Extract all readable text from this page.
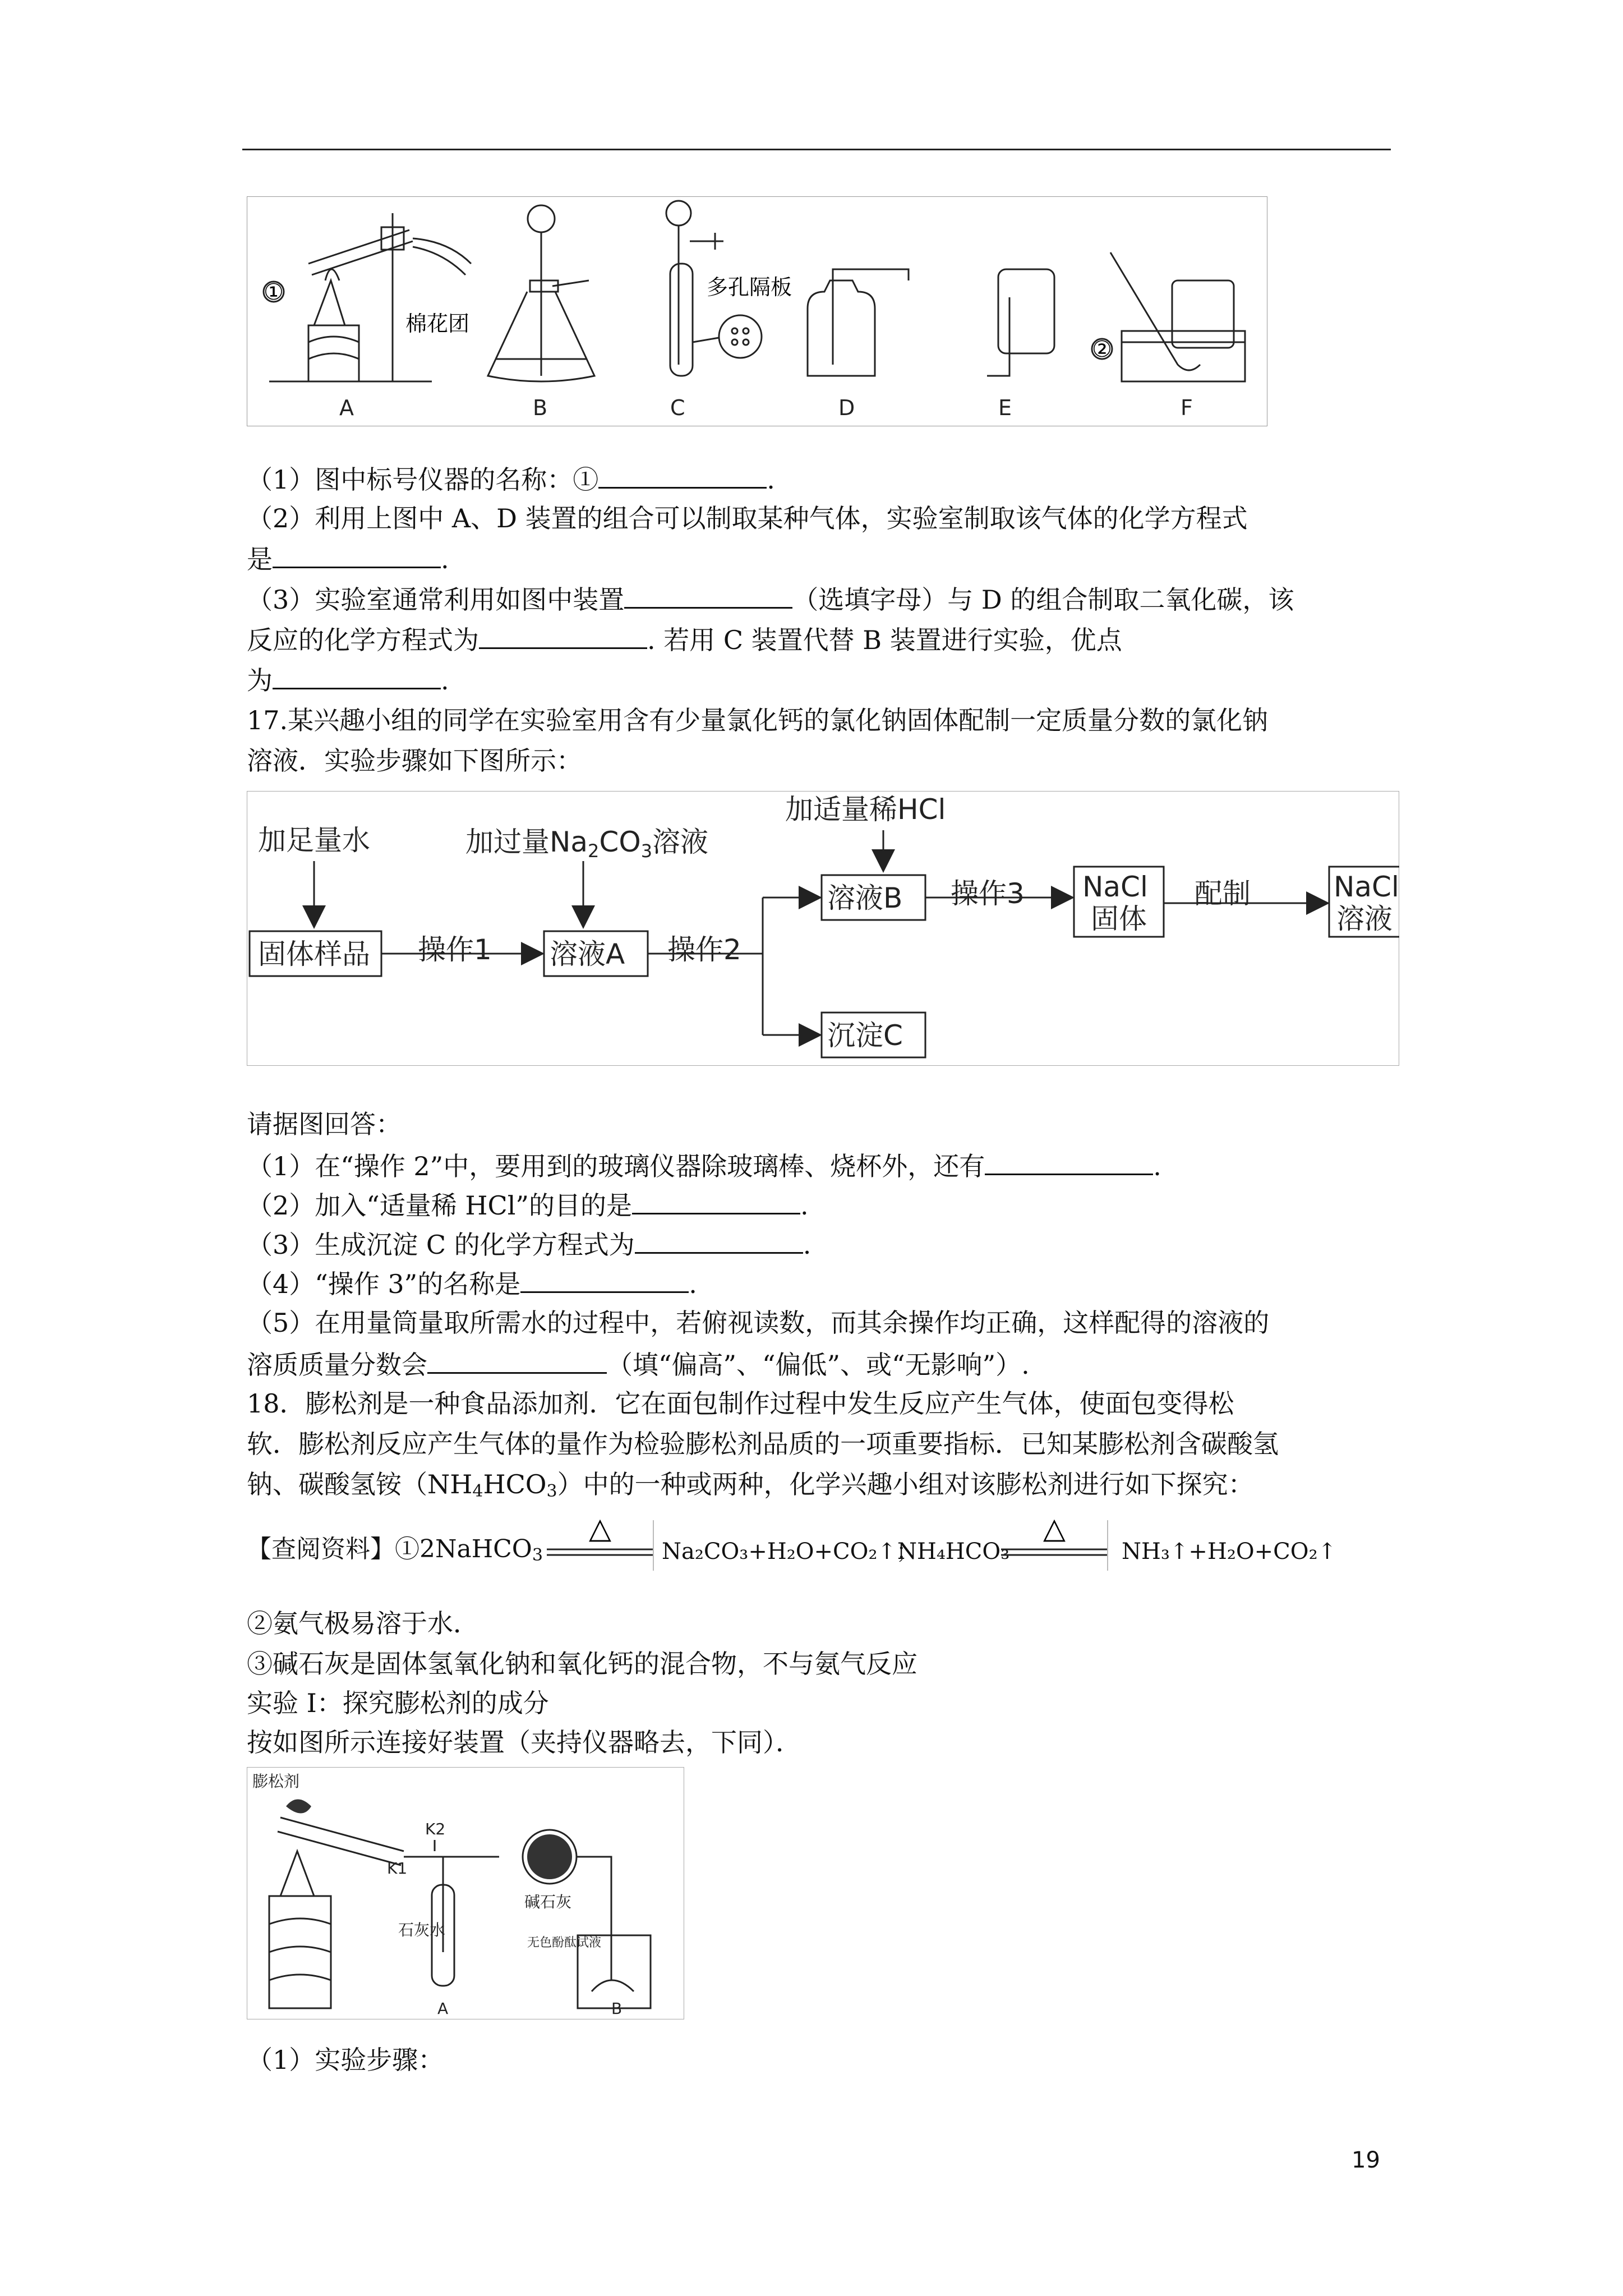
①
棉花团
多孔隔板
②
A	B	C	D	E	F
（1）图中标号仪器的名称：①	.
（2）利用上图中 A、D 装置的组合可以制取某种气体，实验室制取该气体的化学方程式
是	.
（3）实验室通常利用如图中装置	（选填字母）与 D 的组合制取二氧化碳，该
反应的化学方程式为	. 若用 C 装置代替 B 装置进行实验，优点
为	.
17.某兴趣小组的同学在实验室用含有少量氯化钙的氯化钠固体配制一定质量分数的氯化钠
溶液．实验步骤如下图所示：
加足量水	加过量$Na_2CO_3$溶液
加适量稀HCl
操作1	操作2
操作3	配制
固体样品	溶液A
溶液B	NaCl
固体
NaCl
溶液
沉淀C
请据图回答：
（1）在“操作 2”中，要用到的玻璃仪器除玻璃棒、烧杯外，还有	.
（2）加入“适量稀 HCl”的目的是	.
（3）生成沉淀 C 的化学方程式为	.
（4）“操作 3”的名称是	.
（5）在用量筒量取所需水的过程中，若俯视读数，而其余操作均正确，这样配得的溶液的
溶质质量分数会	（填“偏高”、“偏低”、或“无影响”）.
18．膨松剂是一种食品添加剂．它在面包制作过程中发生反应产生气体，使面包变得松
软．膨松剂反应产生气体的量作为检验膨松剂品质的一项重要指标．已知某膨松剂含碳酸氢
钠、碳酸氢铵$(NH_4HCO_3)$中的一种或两种，化学兴趣小组对该膨松剂进行如下探究：
【查阅资料】①2NaHCO$_3$
△
Na₂CO₃+H₂O+CO₂↑；
NH₄HCO₃
△
NH₃↑+H₂O+CO₂↑
②氨气极易溶于水．
③碱石灰是固体氢氧化钠和氧化钙的混合物，不与氨气反应
实验 I：探究膨松剂的成分
按如图所示连接好装置（夹持仪器略去，下同）．
膨松剂
K1
K2
碱石灰
石灰水
无色酚酞试液
A	B
（1）实验步骤：
19
